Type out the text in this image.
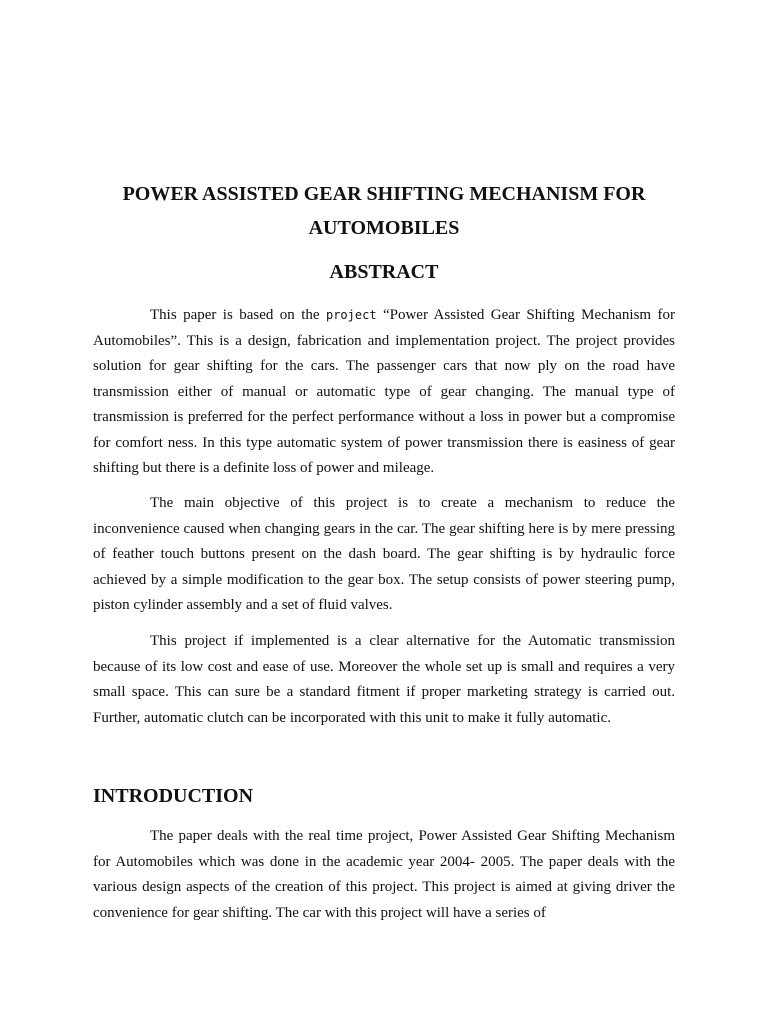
POWER ASSISTED GEAR SHIFTING MECHANISM FOR
AUTOMOBILES
ABSTRACT

This paper is based on the project “Power Assisted Gear Shifting Mechanism for Automobiles”. This is a design, fabrication and implementation project. The project provides solution for gear shifting for the cars. The passenger cars that now ply on the road have transmission either of manual or automatic type of gear changing. The manual type of transmission is preferred for the perfect performance without a loss in power but a compromise for comfort ness. In this type automatic system of power transmission there is easiness of gear shifting but there is a definite loss of power and mileage.

The main objective of this project is to create a mechanism to reduce the inconvenience caused when changing gears in the car. The gear shifting here is by mere pressing of feather touch buttons present on the dash board. The gear shifting is by hydraulic force achieved by a simple modification to the gear box. The setup consists of power steering pump, piston cylinder assembly and a set of fluid valves.

This project if implemented is a clear alternative for the Automatic transmission because of its low cost and ease of use. Moreover the whole set up is small and requires a very small space. This can sure be a standard fitment if proper marketing strategy is carried out. Further, automatic clutch can be incorporated with this unit to make it fully automatic.

INTRODUCTION

The paper deals with the real time project, Power Assisted Gear Shifting Mechanism for Automobiles which was done in the academic year 2004- 2005. The paper deals with the various design aspects of the creation of this project. This project is aimed at giving driver the convenience for gear shifting. The car with this project will have a series of
